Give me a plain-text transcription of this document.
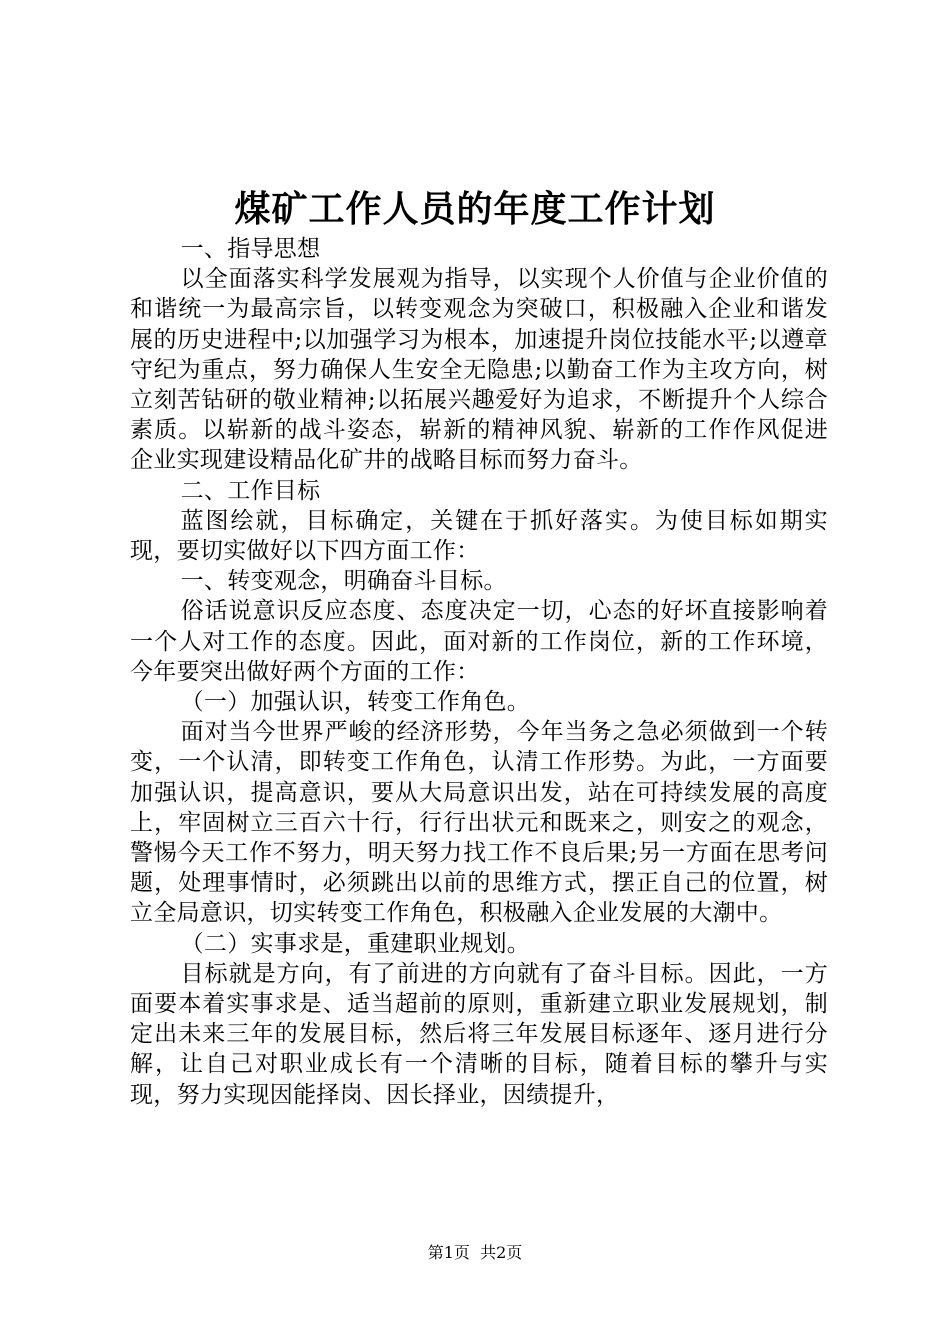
煤矿工作人员的年度工作计划

一、指导思想

以全面落实科学发展观为指导，以实现个人价值与企业价值的和谐统一为最高宗旨，以转变观念为突破口，积极融入企业和谐发展的历史进程中;以加强学习为根本，加速提升岗位技能水平;以遵章守纪为重点，努力确保人生安全无隐患;以勤奋工作为主攻方向，树立刻苦钻研的敬业精神;以拓展兴趣爱好为追求，不断提升个人综合素质。以崭新的战斗姿态，崭新的精神风貌、崭新的工作作风促进企业实现建设精品化矿井的战略目标而努力奋斗。

二、工作目标

蓝图绘就，目标确定，关键在于抓好落实。为使目标如期实现，要切实做好以下四方面工作：

一、转变观念，明确奋斗目标。

俗话说意识反应态度、态度决定一切，心态的好坏直接影响着一个人对工作的态度。因此，面对新的工作岗位，新的工作环境，今年要突出做好两个方面的工作：

（一）加强认识，转变工作角色。

面对当今世界严峻的经济形势，今年当务之急必须做到一个转变，一个认清，即转变工作角色，认清工作形势。为此，一方面要加强认识，提高意识，要从大局意识出发，站在可持续发展的高度上，牢固树立三百六十行，行行出状元和既来之，则安之的观念，警惕今天工作不努力，明天努力找工作不良后果;另一方面在思考问题，处理事情时，必须跳出以前的思维方式，摆正自己的位置，树立全局意识，切实转变工作角色，积极融入企业发展的大潮中。

（二）实事求是，重建职业规划。

目标就是方向，有了前进的方向就有了奋斗目标。因此，一方面要本着实事求是、适当超前的原则，重新建立职业发展规划，制定出未来三年的发展目标，然后将三年发展目标逐年、逐月进行分解，让自己对职业成长有一个清晰的目标，随着目标的攀升与实现，努力实现因能择岗、因长择业，因绩提升，

第1页  共2页
